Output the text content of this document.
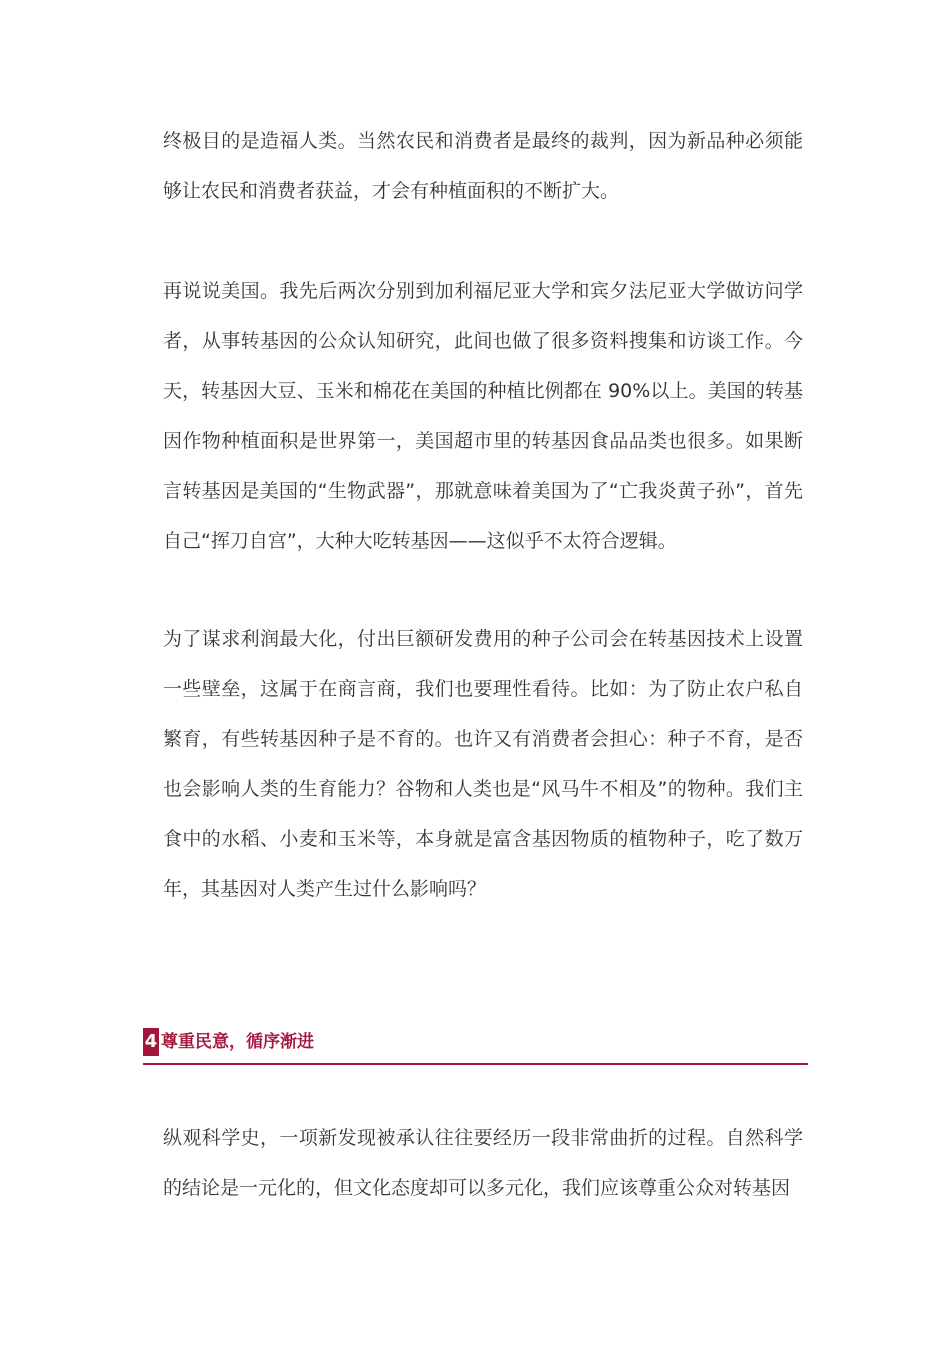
终极目的是造福人类。当然农民和消费者是最终的裁判，因为新品种必须能够让农民和消费者获益，才会有种植面积的不断扩大。

再说说美国。我先后两次分别到加利福尼亚大学和宾夕法尼亚大学做访问学者，从事转基因的公众认知研究，此间也做了很多资料搜集和访谈工作。今天，转基因大豆、玉米和棉花在美国的种植比例都在 90%以上。美国的转基因作物种植面积是世界第一，美国超市里的转基因食品品类也很多。如果断言转基因是美国的“生物武器”，那就意味着美国为了“亡我炎黄子孙”，首先自己“挥刀自宫”，大种大吃转基因——这似乎不太符合逻辑。

为了谋求利润最大化，付出巨额研发费用的种子公司会在转基因技术上设置一些壁垒，这属于在商言商，我们也要理性看待。比如：为了防止农户私自繁育，有些转基因种子是不育的。也许又有消费者会担心：种子不育，是否也会影响人类的生育能力？谷物和人类也是“风马牛不相及”的物种。我们主食中的水稻、小麦和玉米等，本身就是富含基因物质的植物种子，吃了数万年，其基因对人类产生过什么影响吗？

4 尊重民意，循序渐进

纵观科学史，一项新发现被承认往往要经历一段非常曲折的过程。自然科学的结论是一元化的，但文化态度却可以多元化，我们应该尊重公众对转基因
